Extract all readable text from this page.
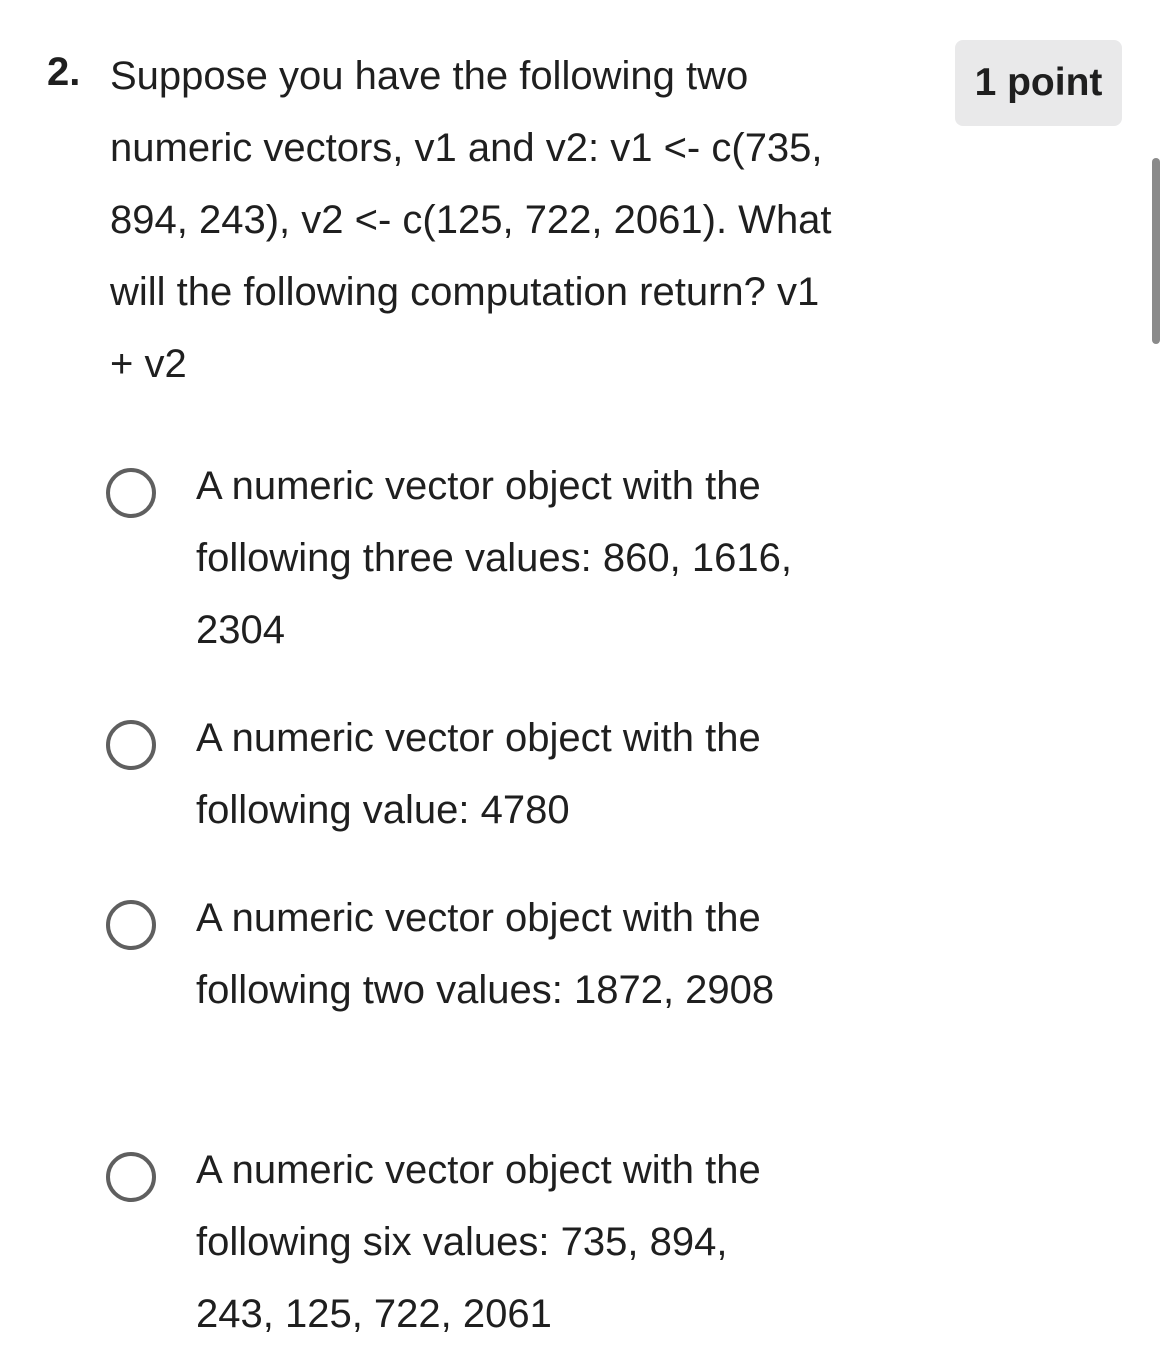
2. Suppose you have the following two numeric vectors, v1 and v2: v1 <- c(735, 894, 243), v2 <- c(125, 722, 2061). What will the following computation return? v1 + v2
1 point
A numeric vector object with the following three values: 860, 1616, 2304
A numeric vector object with the following value: 4780
A numeric vector object with the following two values: 1872, 2908
A numeric vector object with the following six values: 735, 894, 243, 125, 722, 2061
